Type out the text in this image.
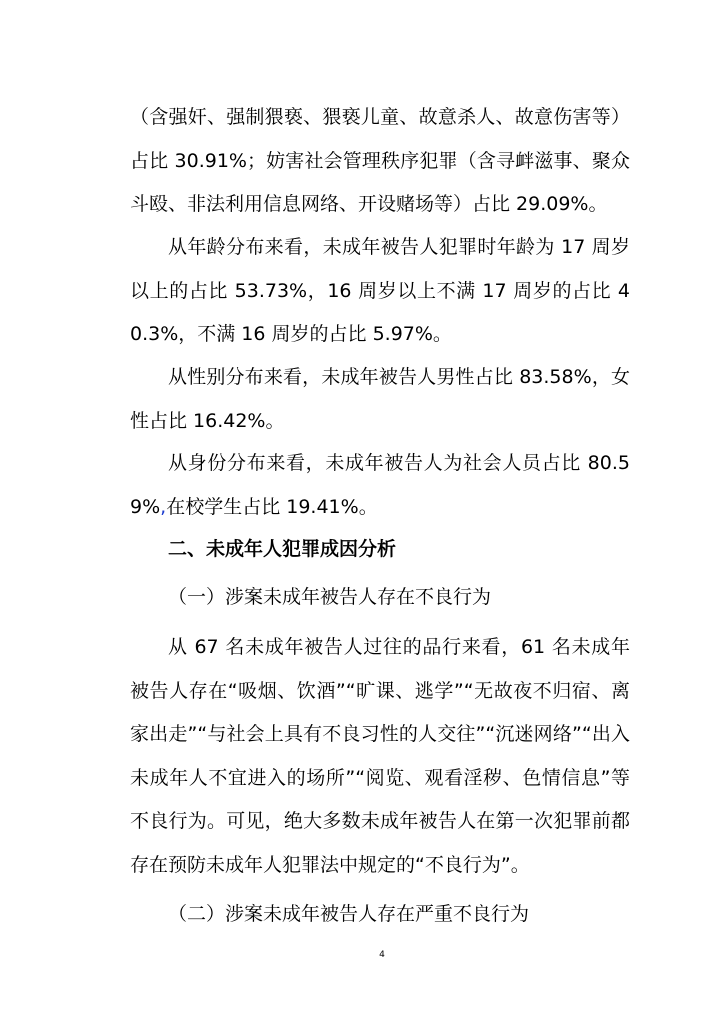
（含强奸、强制猥亵、猥亵儿童、故意杀人、故意伤害等）占比 30.91%；妨害社会管理秩序犯罪（含寻衅滋事、聚众斗殴、非法利用信息网络、开设赌场等）占比 29.09%。

从年龄分布来看，未成年被告人犯罪时年龄为 17 周岁以上的占比 53.73%，16 周岁以上不满 17 周岁的占比 40.3%，不满 16 周岁的占比 5.97%。

从性别分布来看，未成年被告人男性占比 83.58%，女性占比 16.42%。

从身份分布来看，未成年被告人为社会人员占比 80.59%,在校学生占比 19.41%。

二、未成年人犯罪成因分析

（一）涉案未成年被告人存在不良行为

从 67 名未成年被告人过往的品行来看，61 名未成年被告人存在“吸烟、饮酒”“旷课、逃学”“无故夜不归宿、离家出走”“与社会上具有不良习性的人交往”“沉迷网络”“出入未成年人不宜进入的场所”“阅览、观看淫秽、色情信息”等不良行为。可见，绝大多数未成年被告人在第一次犯罪前都存在预防未成年人犯罪法中规定的“不良行为”。

（二）涉案未成年被告人存在严重不良行为

4
